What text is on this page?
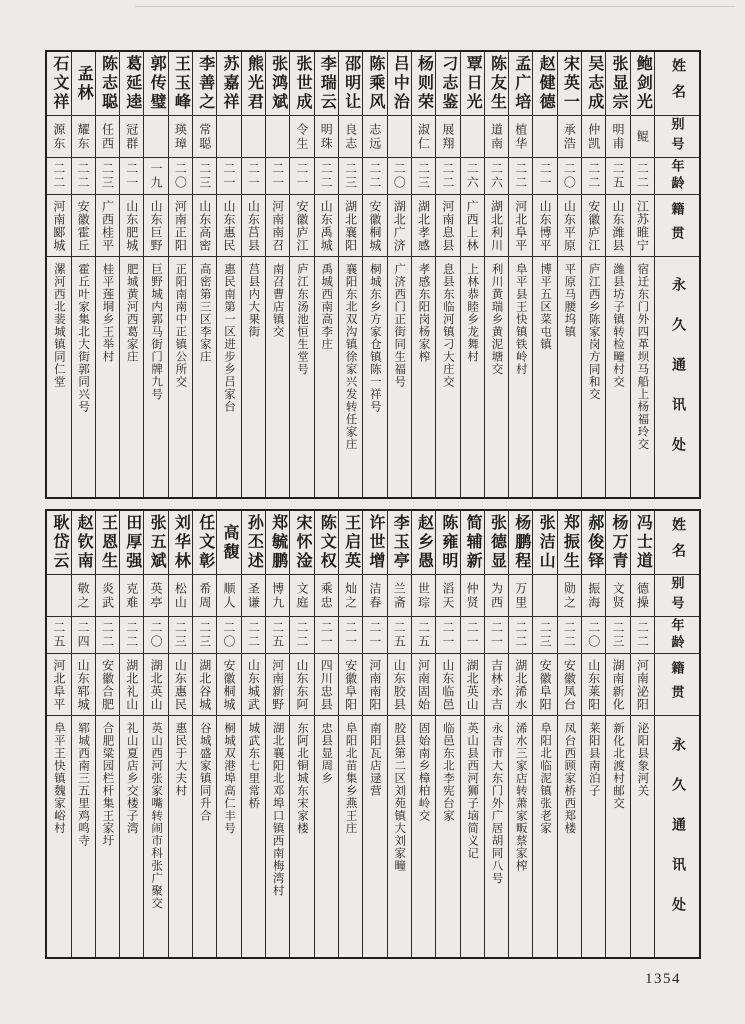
姓名
别号
年龄
籍贯
永久通讯处
鲍剑光
鲲
二二
江苏睢宁
宿迁东门外四革坝马船上杨福玲交
张显宗
明甫
二五
山东潍县
潍县坊子镇转检疃村交
吴志成
仲凯
二二
安徽庐江
庐江西乡陈家岗方同和交
宋英一
承浩
二〇
山东平原
平原马腰坞镇
赵健德
二一
山东博平
博平五区菜屯镇
孟广培
植华
二二
河北阜平
阜平县王快镇铁岭村
陈友生
道南
二六
湖北利川
利川黄瑞乡黄泥塘交
覃日光
二六
广西上林
上林恭睦乡龙舞村
刁志鉴
展翔
二二
河南息县
息县东临河镇刁大庄交
杨则荣
淑仁
二三
湖北孝感
孝感东阳岗杨家榨
吕中治
二〇
湖北广济
广济西门正街同生福号
陈乘风
志远
二二
安徽桐城
桐城东乡方家仓镇陈一祥号
邵明让
良志
二三
湖北襄阳
襄阳东北双沟镇徐家兴发转任家庄
李瑞云
明珠
二二
山东禹城
禹城西南高李庄
张世成
令生
二一
安徽庐江
庐江东汤池恒生堂号
张鸿斌
二一
河南南召
南召曹店镇交
熊光君
二一
山东莒县
莒县内大果街
苏嘉祥
二一
山东惠民
惠民南第一区进步乡吕家台
李善之
常聪
二三
山东高密
高密第三区李家庄
王玉峰
瑛璋
二〇
河南正阳
正阳南南中正镇公所交
郭传璧
一九
山东巨野
巨野城内郭马街门牌九号
葛延逵
冠群
二一
山东肥城
肥城黄河西葛家庄
陈志聪
任西
二三
广西桂平
桂平莲垌乡王举村
孟林
耀东
二二
安徽霍丘
霍丘叶家集北大街郭同兴号
石文祥
源东
二二
河南郾城
漯河西北裴城镇同仁堂
姓名
别号
年龄
籍贯
永久通讯处
冯士道
德操
二二
河南泌阳
泌阳县象河关
杨万青
文贤
二三
湖南新化
新化北渡村邮交
郝俊铎
振海
二〇
山东莱阳
莱阳县南泊子
郑振生
勋之
二二
安徽凤台
凤台西顾家桥西郑楼
张洁山
二三
安徽阜阳
阜阳北临泥镇张老家
杨鹏程
万里
二二
湖北浠水
浠水三家店转萧家畈蔡家榨
张德显
为西
二一
吉林永吉
永吉市大东门外广居胡同八号
简辅新
仲贤
二一
湖北英山
英山县西河狮子垴简义记
陈雍明
滔天
二一
山东临邑
临邑东北李宪台家
赵乡愚
世琮
二五
河南固始
固始南乡樟柏岭交
李玉亭
兰斋
二五
山东胶县
胶县第二区刘苑镇大刘家疃
许世增
洁春
二一
河南南阳
南阳瓦店逯营
王启英
灿之
二一
安徽阜阳
阜阳北苗集乡燕王庄
陈文权
乘忠
二一
四川忠县
忠县显周乡
宋怀淦
文庭
二二
山东东阿
东阿北铜城东宋家楼
郑毓鹏
博九
二五
河南新野
湖北襄阳北邓埠口镇西南梅湾村
孙丕述
圣谦
二二
山东城武
城武东七里常桥
高馥
顺人
二〇
安徽桐城
桐城双港埠高仁丰号
任文彰
希周
二三
湖北谷城
谷城盛家镇同升合
刘华林
松山
二三
山东惠民
惠民于大夫村
张五斌
英亭
二〇
湖北英山
英山西河张家嘴转闹市科张广聚交
田厚强
克难
二二
湖北礼山
礼山夏店乡交楼子湾
王恩生
炎武
二二
安徽合肥
合肥粱园栏杆集王家圩
赵钦南
敬之
二四
山东郓城
郓城西南三五里鸡鸣寺
耿岱云
二五
河北阜平
阜平王快镇魏家峪村
1354
